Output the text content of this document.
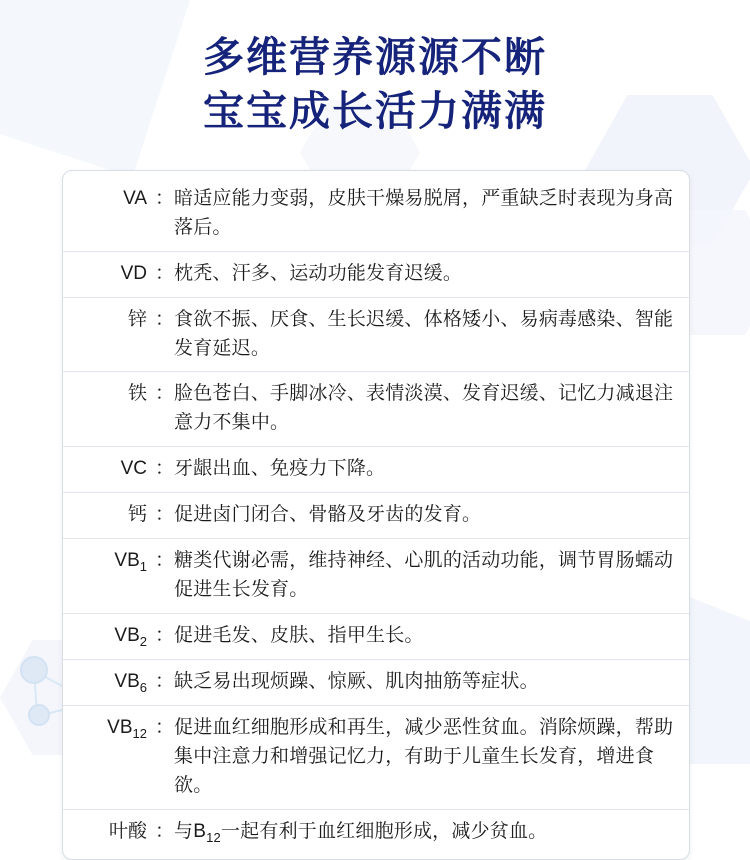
多维营养源源不断
宝宝成长活力满满
VA ： 暗适应能力变弱，皮肤干燥易脱屑，严重缺乏时表现为身高落后。
VD ： 枕秃、汗多、运动功能发育迟缓。
锌 ： 食欲不振、厌食、生长迟缓、体格矮小、易病毒感染、智能发育延迟。
铁 ： 脸色苍白、手脚冰冷、表情淡漠、发育迟缓、记忆力减退注意力不集中。
VC ： 牙龈出血、免疫力下降。
钙 ： 促进卤门闭合、骨骼及牙齿的发育。
$VB_1$ ： 糖类代谢必需，维持神经、心肌的活动功能，调节胃肠蠕动促进生长发育。
$VB_2$ ： 促进毛发、皮肤、指甲生长。
$VB_6$ ： 缺乏易出现烦躁、惊厥、肌肉抽筋等症状。
$VB_{12}$ ： 促进血红细胞形成和再生，减少恶性贫血。消除烦躁，帮助集中注意力和增强记忆力，有助于儿童生长发育，增进食欲。
叶酸 ： 与$B_{12}$一起有利于血红细胞形成，减少贫血。
